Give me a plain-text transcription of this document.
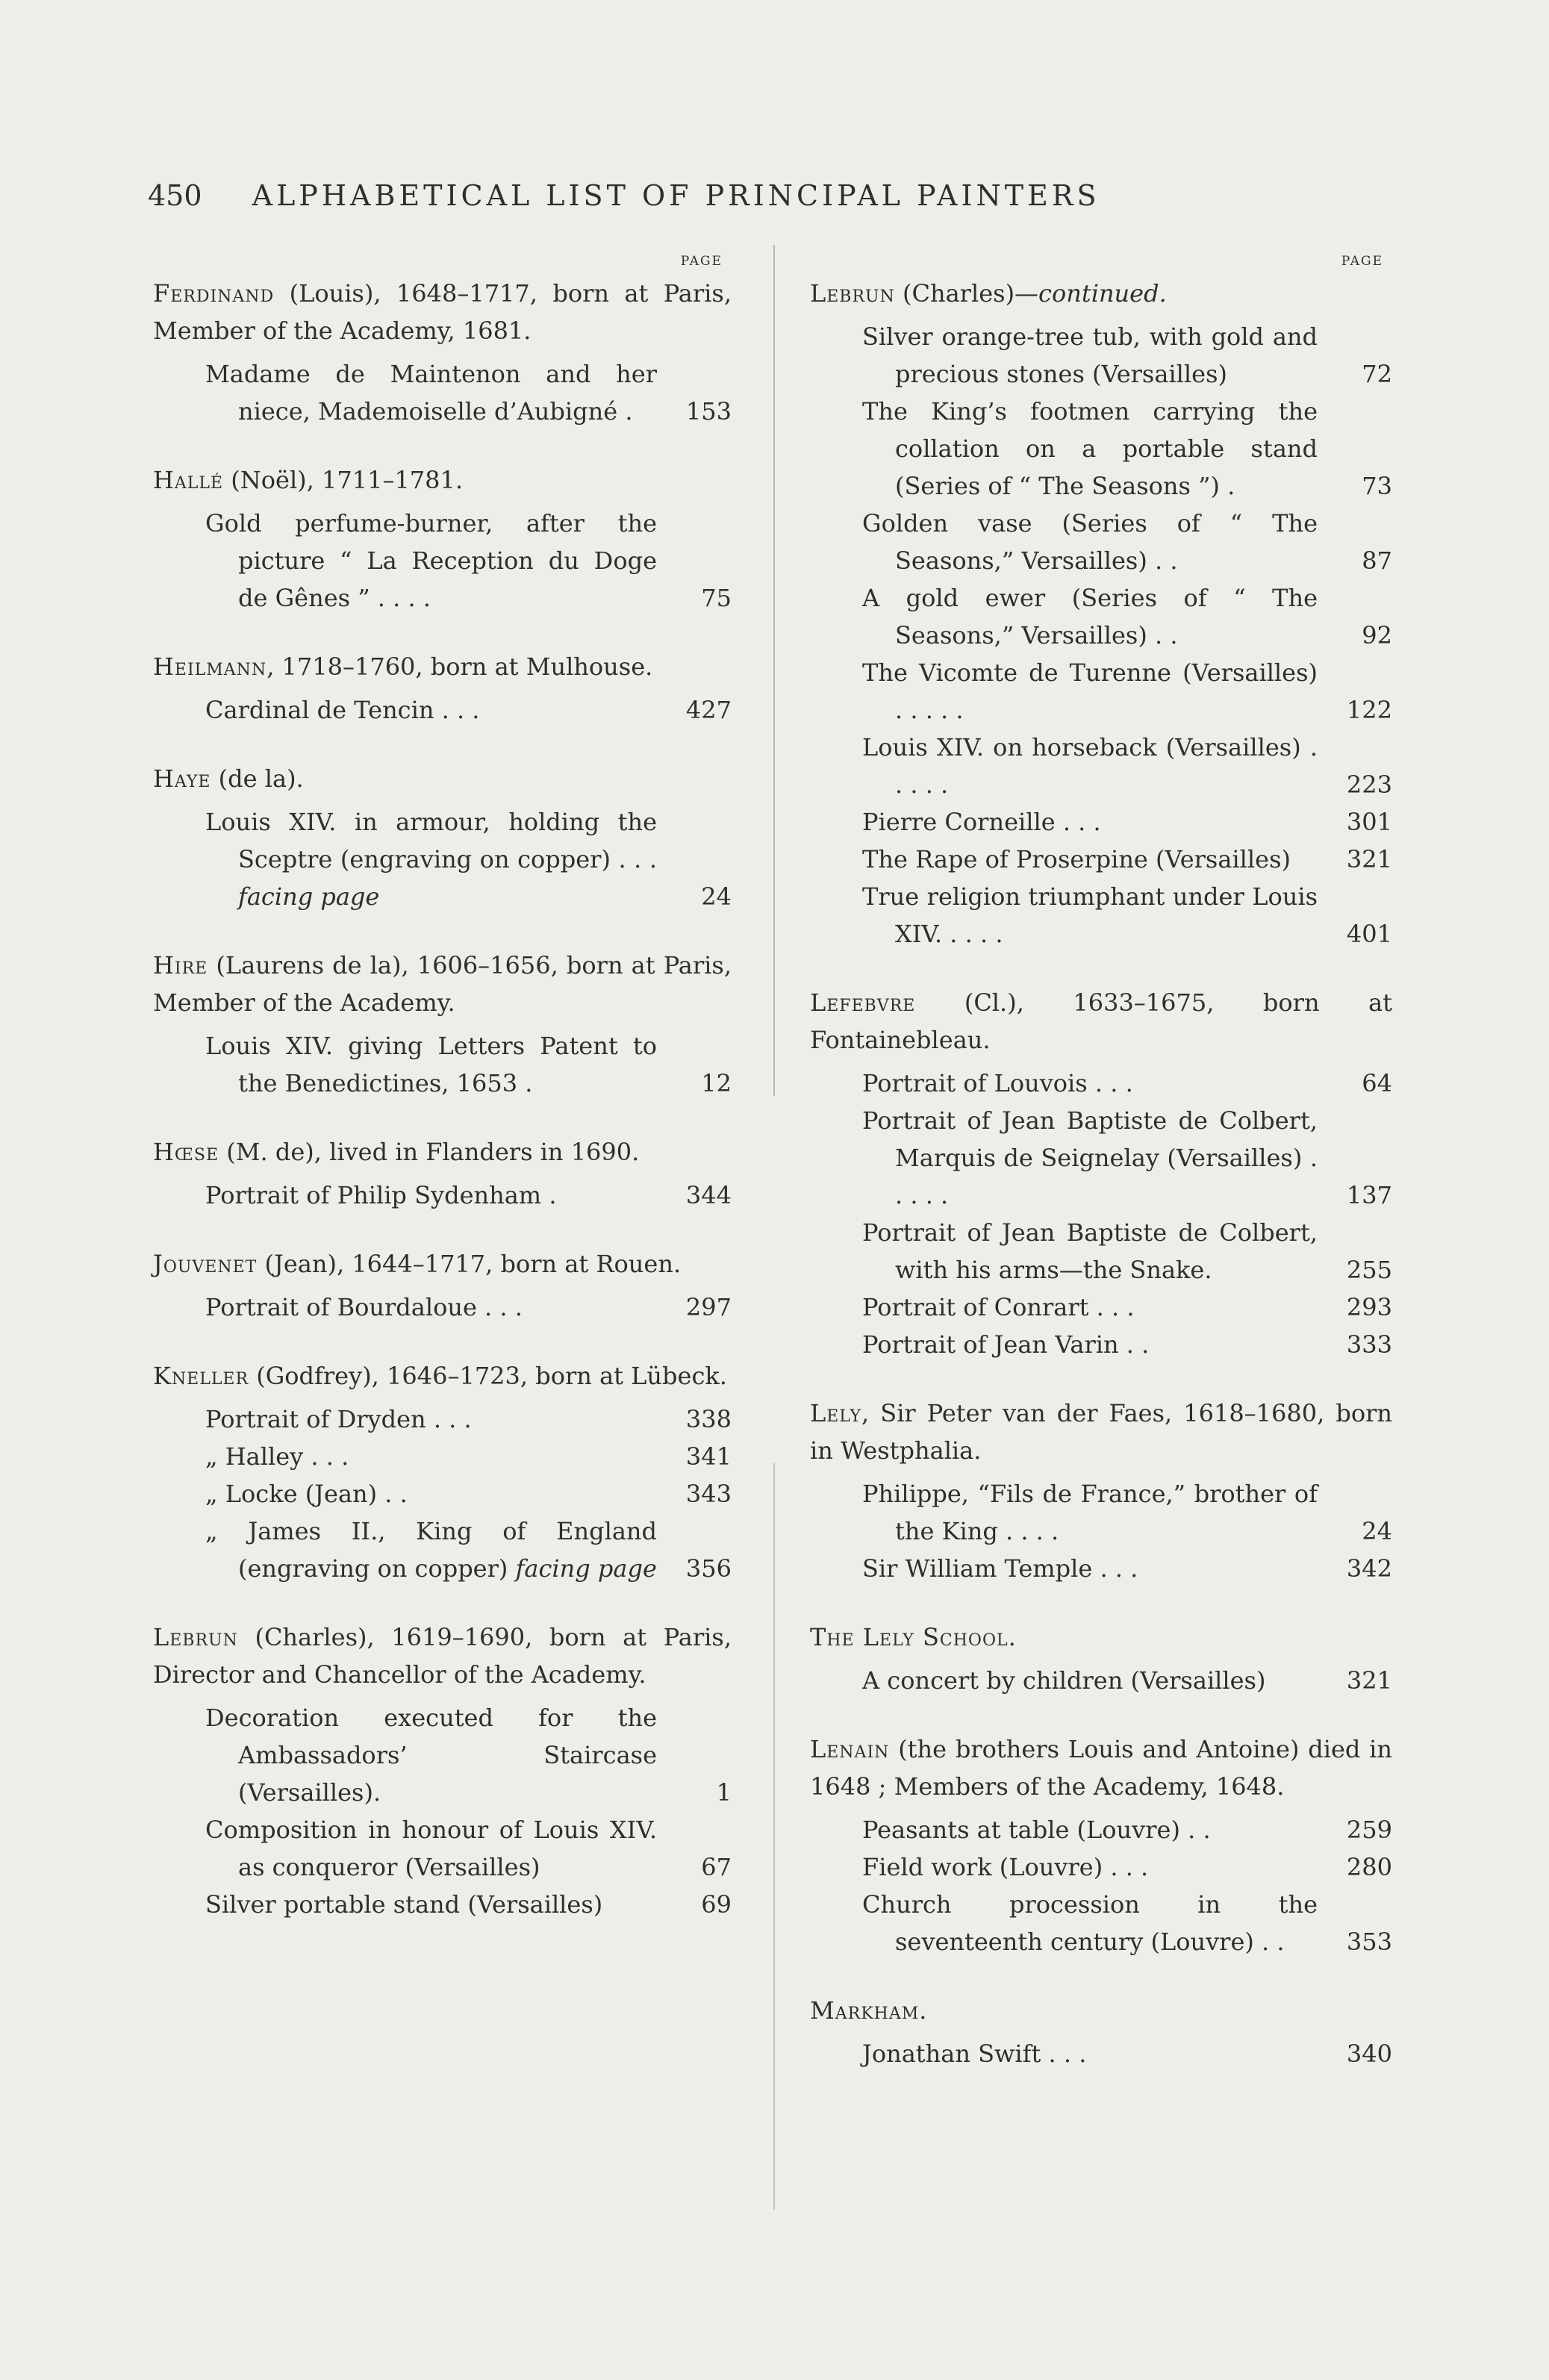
450 ALPHABETICAL LIST OF PRINCIPAL PAINTERS
PAGE
Ferdinand (Louis), 1648–1717, born at Paris, Member of the Academy, 1681.
Madame de Maintenon and her niece, Mademoiselle d’Aubigné .	153
Hallé (Noël), 1711–1781.
Gold perfume-burner, after the picture “ La Reception du Doge de Gênes ” . . . .	75
Heilmann, 1718–1760, born at Mulhouse.
Cardinal de Tencin . . .	427
Haye (de la).
Louis XIV. in armour, holding the Sceptre (engraving on copper) . . . facing page	24
Hire (Laurens de la), 1606–1656, born at Paris, Member of the Academy.
Louis XIV. giving Letters Patent to the Benedictines, 1653 .	12
Hœse (M. de), lived in Flanders in 1690.
Portrait of Philip Sydenham .	344
Jouvenet (Jean), 1644–1717, born at Rouen.
Portrait of Bourdaloue . . .	297
Kneller (Godfrey), 1646–1723, born at Lübeck.
Portrait of Dryden . . .	338
„ Halley . . .	341
„ Locke (Jean) . .	343
„ James II., King of England (engraving on copper) facing page	356
Lebrun (Charles), 1619–1690, born at Paris, Director and Chancellor of the Academy.
Decoration executed for the Ambassadors’ Staircase (Versailles).	1
Composition in honour of Louis XIV. as conqueror (Versailles)	67
Silver portable stand (Versailles)	69
PAGE
Lebrun (Charles)—continued.
Silver orange-tree tub, with gold and precious stones (Versailles)	72
The King’s footmen carrying the collation on a portable stand (Series of “ The Seasons ”) .	73
Golden vase (Series of “ The Seasons,” Versailles) . .	87
A gold ewer (Series of “ The Seasons,” Versailles) . .	92
The Vicomte de Turenne (Versailles) . . . . .	122
Louis XIV. on horseback (Versailles) . . . . .	223
Pierre Corneille . . .	301
The Rape of Proserpine (Versailles)	321
True religion triumphant under Louis XIV. . . . .	401
Lefebvre (Cl.), 1633–1675, born at Fontainebleau.
Portrait of Louvois . . .	64
Portrait of Jean Baptiste de Colbert, Marquis de Seignelay (Versailles) . . . . .	137
Portrait of Jean Baptiste de Colbert, with his arms—the Snake.	255
Portrait of Conrart . . .	293
Portrait of Jean Varin . .	333
Lely, Sir Peter van der Faes, 1618–1680, born in Westphalia.
Philippe, “Fils de France,” brother of the King . . . .	24
Sir William Temple . . .	342
The Lely School.
A concert by children (Versailles)	321
Lenain (the brothers Louis and Antoine) died in 1648 ; Members of the Academy, 1648.
Peasants at table (Louvre) . .	259
Field work (Louvre) . . .	280
Church procession in the seventeenth century (Louvre) . .	353
Markham.
Jonathan Swift . . .	340
